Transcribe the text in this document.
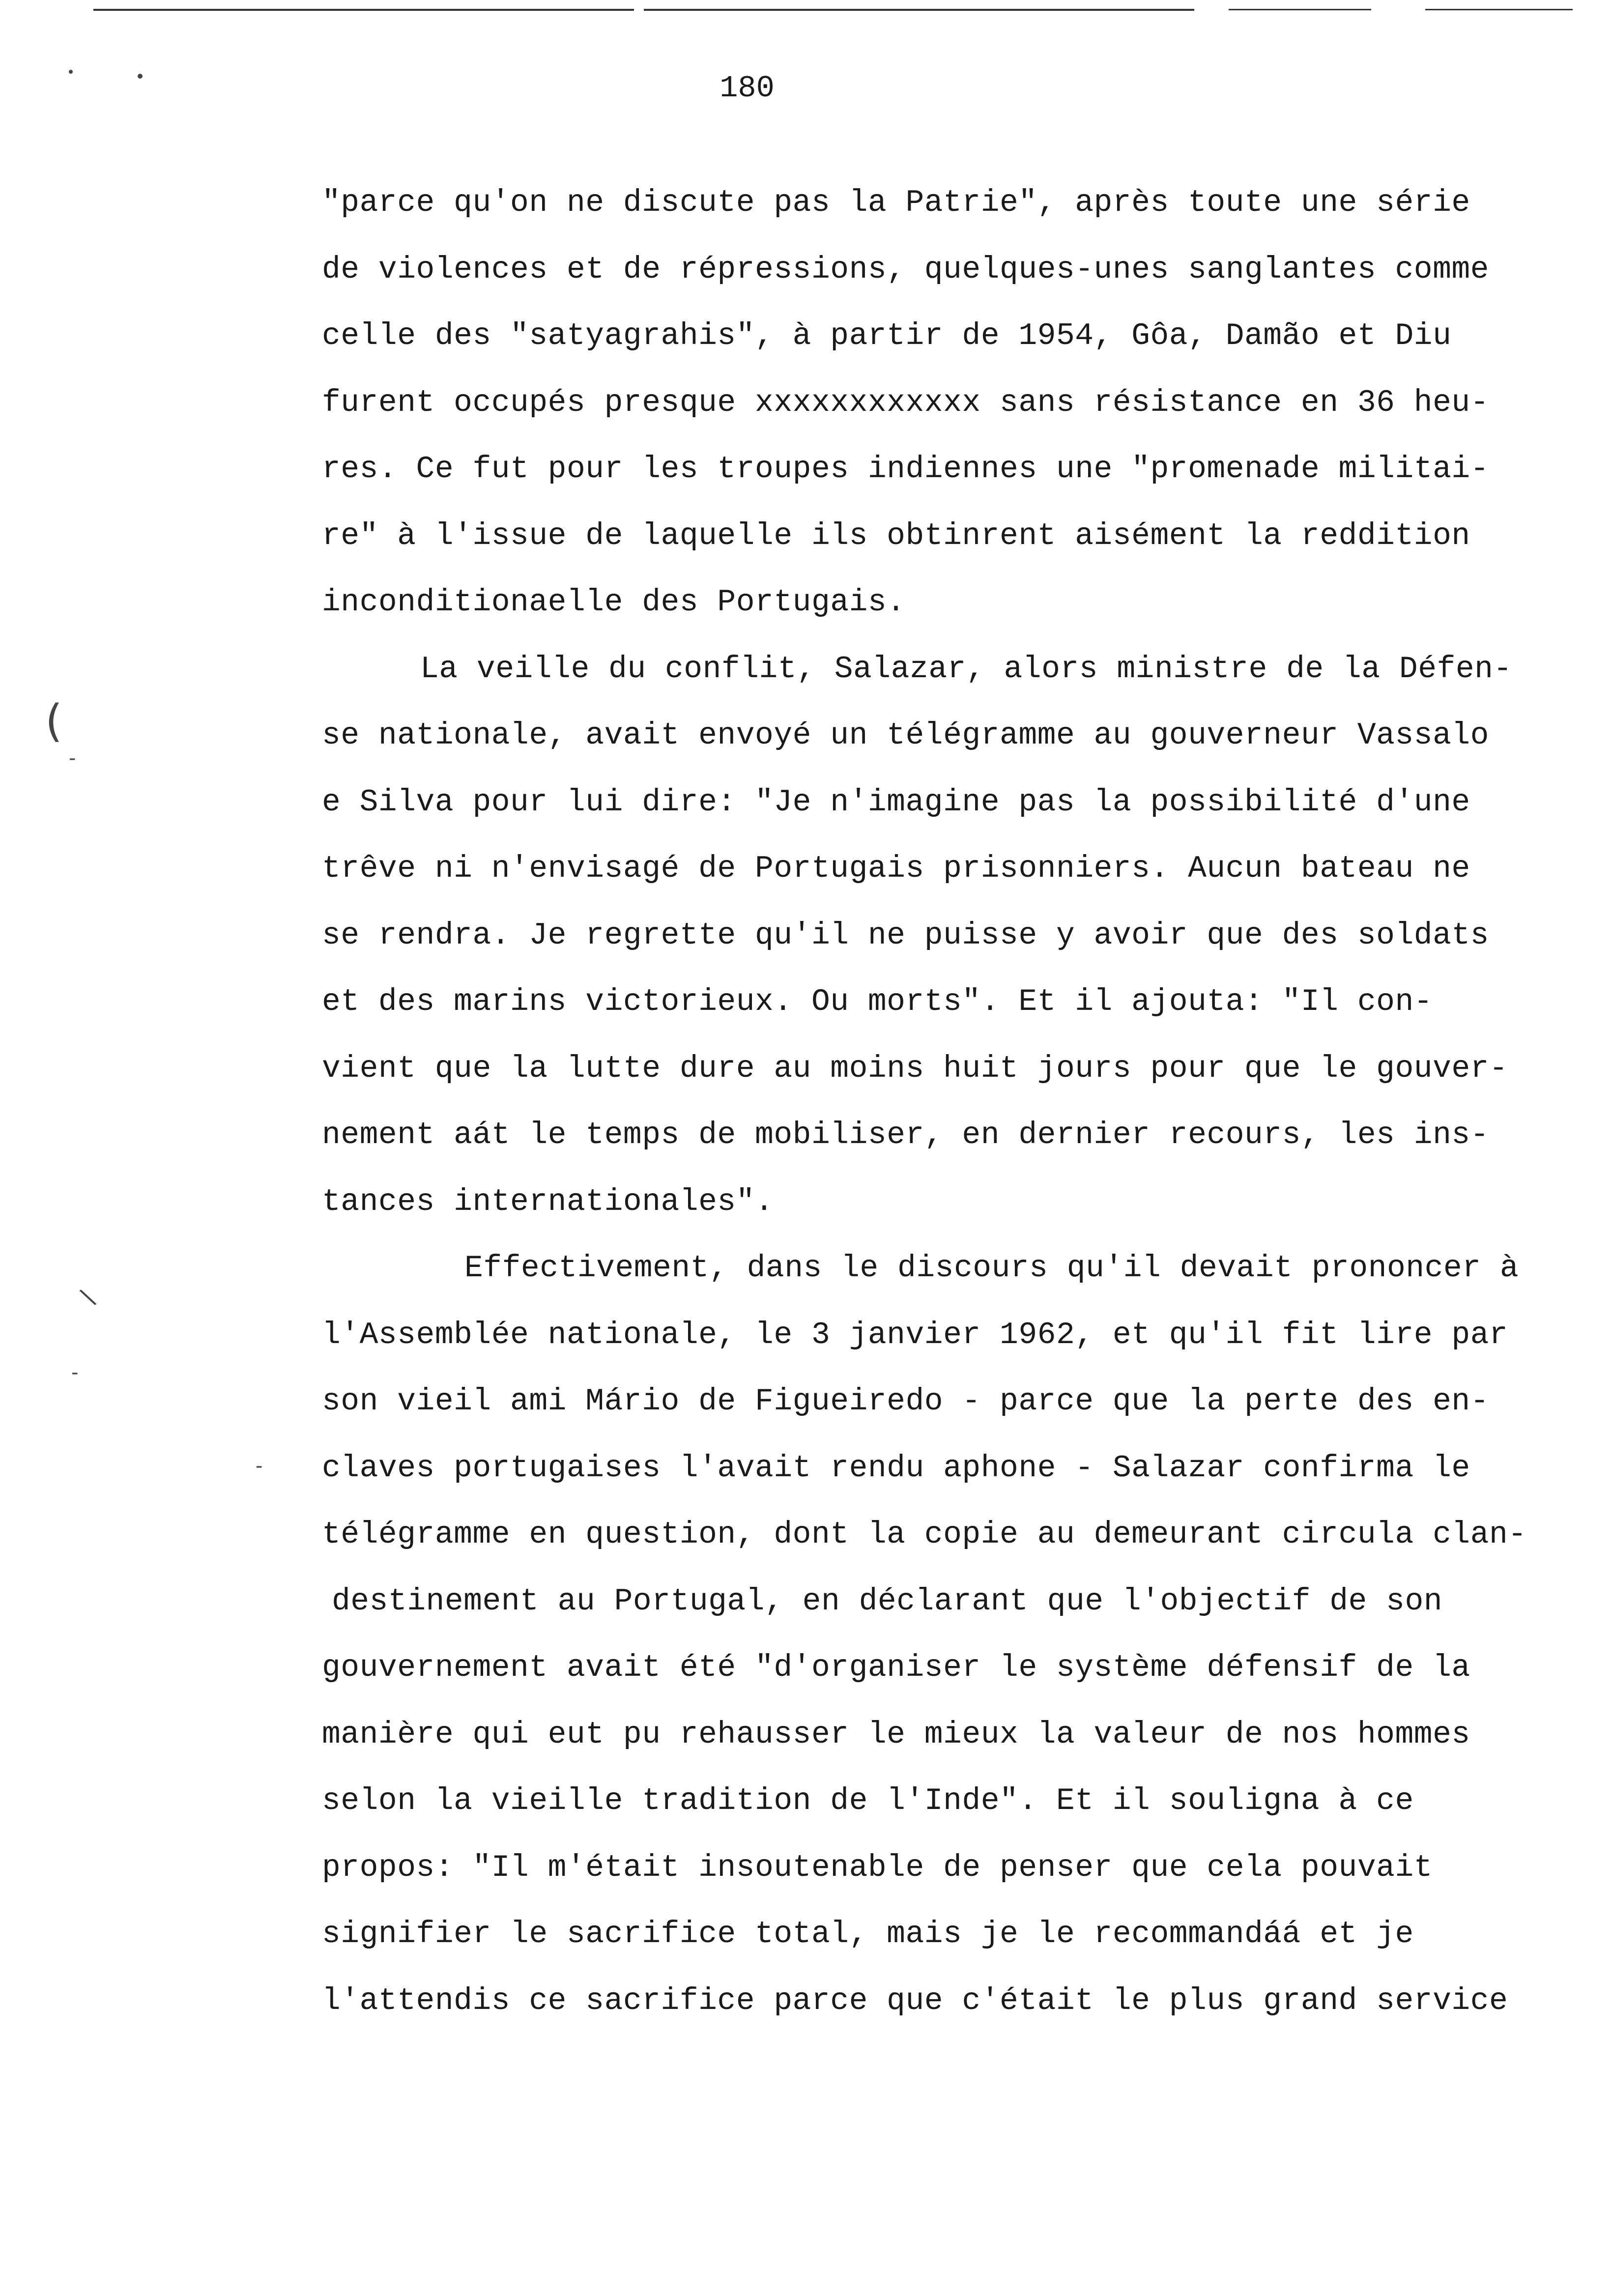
180
"parce qu'on ne discute pas la Patrie", après toute une série
de violences et de répressions, quelques-unes sanglantes comme
celle des "satyagrahis", à partir de 1954, Gôa, Damão et Diu
furent occupés presque xxxxxxxxxxxx sans résistance en 36 heu-
res. Ce fut pour les troupes indiennes une "promenade militai-
re" à l'issue de laquelle ils obtinrent aisément la reddition
inconditionaelle des Portugais.
La veille du conflit, Salazar, alors ministre de la Défen-
se nationale, avait envoyé un télégramme au gouverneur Vassalo
e Silva pour lui dire: "Je n'imagine pas la possibilité d'une
trêve ni n'envisagé de Portugais prisonniers. Aucun bateau ne
se rendra. Je regrette qu'il ne puisse y avoir que des soldats
et des marins victorieux. Ou morts". Et il ajouta: "Il con-
vient que la lutte dure au moins huit jours pour que le gouver-
nement aát le temps de mobiliser, en dernier recours, les ins-
tances internationales".
Effectivement, dans le discours qu'il devait prononcer à
l'Assemblée nationale, le 3 janvier 1962, et qu'il fit lire par
son vieil ami Mário de Figueiredo - parce que la perte des en-
claves portugaises l'avait rendu aphone - Salazar confirma le
télégramme en question, dont la copie au demeurant circula clan-
destinement au Portugal, en déclarant que l'objectif de son
gouvernement avait été "d'organiser le système défensif de la
manière qui eut pu rehausser le mieux la valeur de nos hommes
selon la vieille tradition de l'Inde". Et il souligna à ce
propos: "Il m'était insoutenable de penser que cela pouvait
signifier le sacrifice total, mais je le recommandáá et je
l'attendis ce sacrifice parce que c'était le plus grand service
(
-
\
-
-
